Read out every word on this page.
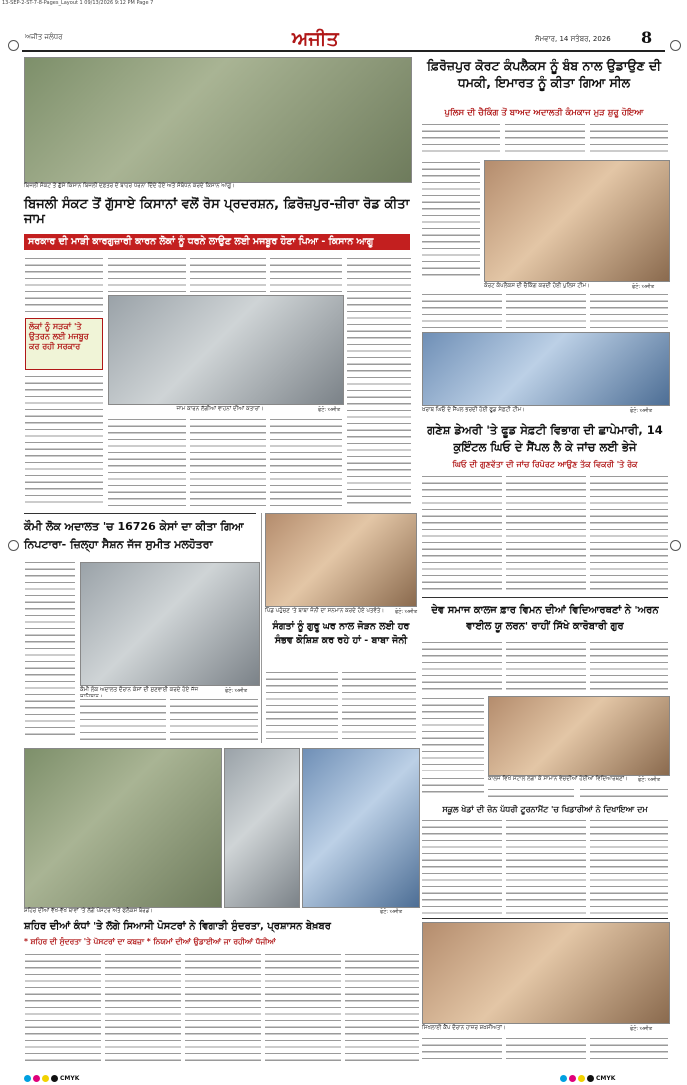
13-SEP-2-ST-7-8-Pages_Layout 1 09/13/2026 9:12 PM Page 7
ਅਜੀਤ ਜਲੰਧਰ	ਅਜੀਤ	ਸੋਮਵਾਰ, 14 ਸਤੰਬਰ, 2026 8
ਬਿਜਲੀ ਸੰਕਟ ਤੋਂ ਗੁੱਸੇ ਕਿਸਾਨ ਬਿਜਲੀ ਦਫ਼ਤਰ ਦੇ ਬਾਹਰ ਧਰਨਾ ਦਿੰਦੇ ਹੋਏ ਅਤੇ ਸੰਬੋਧਨ ਕਰਦੇ ਕਿਸਾਨ ਆਗੂ।
ਬਿਜਲੀ ਸੰਕਟ ਤੋਂ ਗੁੱਸਾਏ ਕਿਸਾਨਾਂ ਵਲੋਂ ਰੋਸ ਪ੍ਰਦਰਸ਼ਨ, ਫ਼ਿਰੋਜ਼ਪੁਰ-ਜ਼ੀਰਾ ਰੋਡ ਕੀਤਾ ਜਾਮ
ਸਰਕਾਰ ਦੀ ਮਾੜੀ ਕਾਰਗੁਜ਼ਾਰੀ ਕਾਰਨ ਲੋਕਾਂ ਨੂੰ ਧਰਨੇ ਲਾਉਣ ਲਈ ਮਜਬੂਰ ਹੋਣਾ ਪਿਆ - ਕਿਸਾਨ ਆਗੂ
ਲੋਕਾਂ ਨੂੰ ਸੜਕਾਂ 'ਤੇ ਉਤਰਨ ਲਈ ਮਜਬੂਰ ਕਰ ਰਹੀ ਸਰਕਾਰ
ਜਾਮ ਕਾਰਨ ਲੱਗੀਆਂ ਵਾਹਨਾਂ ਦੀਆਂ ਕਤਾਰਾਂ।	ਫੋਟੋ: ਅਜੀਤ
ਫ਼ਿਰੋਜ਼ਪੁਰ ਕੋਰਟ ਕੰਪਲੈਕਸ ਨੂੰ ਬੰਬ ਨਾਲ ਉਡਾਉਣ ਦੀ ਧਮਕੀ, ਇਮਾਰਤ ਨੂੰ ਕੀਤਾ ਗਿਆ ਸੀਲ
ਪੁਲਿਸ ਦੀ ਚੈਕਿੰਗ ਤੋਂ ਬਾਅਦ ਅਦਾਲਤੀ ਕੰਮਕਾਜ ਮੁੜ ਸ਼ੁਰੂ ਹੋਇਆ
ਕੋਰਟ ਕੰਪਲੈਕਸ ਦੀ ਚੈਕਿੰਗ ਕਰਦੀ ਹੋਈ ਪੁਲਿਸ ਟੀਮ।	ਫੋਟੋ: ਅਜੀਤ
ਖ਼ਰਾਬ ਘਿਓ ਦੇ ਸੈਂਪਲ ਭਰਦੀ ਹੋਈ ਫੂਡ ਸੇਫ਼ਟੀ ਟੀਮ।	ਫੋਟੋ: ਅਜੀਤ
ਗਣੇਸ਼ ਡੇਅਰੀ 'ਤੇ ਫੂਡ ਸੇਫ਼ਟੀ ਵਿਭਾਗ ਦੀ ਛਾਪੇਮਾਰੀ, 14 ਕੁਇੰਟਲ ਘਿਓ ਦੇ ਸੈਂਪਲ ਲੈ ਕੇ ਜਾਂਚ ਲਈ ਭੇਜੇ
ਘਿਓ ਦੀ ਗੁਣਵੱਤਾ ਦੀ ਜਾਂਚ ਰਿਪੋਰਟ ਆਉਣ ਤੱਕ ਵਿਕਰੀ 'ਤੇ ਰੋਕ
ਕੌਮੀ ਲੋਕ ਅਦਾਲਤ 'ਚ 16726 ਕੇਸਾਂ ਦਾ ਕੀਤਾ ਗਿਆ ਨਿਪਟਾਰਾ- ਜ਼ਿਲ੍ਹਾ ਸੈਸ਼ਨ ਜੱਜ ਸੁਮੀਤ ਮਲਹੋਤਰਾ
ਕੌਮੀ ਲੋਕ ਅਦਾਲਤ ਦੌਰਾਨ ਕੇਸਾਂ ਦੀ ਸੁਣਵਾਈ ਕਰਦੇ ਹੋਏ ਜੱਜ ਸਾਹਿਬਾਨ।
ਫੋਟੋ: ਅਜੀਤ
ਪਿੰਡ ਪਹੁੰਚਣ 'ਤੇ ਬਾਬਾ ਜੋਨੀ ਦਾ ਸਨਮਾਨ ਕਰਦੇ ਹੋਏ ਪਤਵੰਤੇ।	ਫੋਟੋ: ਅਜੀਤ
ਸੰਗਤਾਂ ਨੂੰ ਗੁਰੂ ਘਰ ਨਾਲ ਜੋੜਨ ਲਈ ਹਰ ਸੰਭਵ ਕੋਸ਼ਿਸ਼ ਕਰ ਰਹੇ ਹਾਂ - ਬਾਬਾ ਜੋਨੀ
ਦੇਵ ਸਮਾਜ ਕਾਲਜ ਫ਼ਾਰ ਵਿਮਨ ਦੀਆਂ ਵਿਦਿਆਰਥਣਾਂ ਨੇ 'ਅਰਨ ਵਾਈਲ ਯੂ ਲਰਨ' ਰਾਹੀਂ ਸਿੱਖੇ ਕਾਰੋਬਾਰੀ ਗੁਰ
ਕਾਲਜ ਵਿਖੇ ਸਟਾਲ ਲਗਾ ਕੇ ਸਾਮਾਨ ਵੇਚਦੀਆਂ ਹੋਈਆਂ ਵਿਦਿਆਰਥਣਾਂ।	ਫੋਟੋ: ਅਜੀਤ
ਸਕੂਲ ਖੇਡਾਂ ਦੀ ਜ਼ੋਨ ਪੱਧਰੀ ਟੂਰਨਾਮੈਂਟ 'ਚ ਖਿਡਾਰੀਆਂ ਨੇ ਦਿਖਾਇਆ ਦਮ
ਸ਼ਹਿਰ ਦੀਆਂ ਵੱਖ-ਵੱਖ ਥਾਵਾਂ 'ਤੇ ਲੱਗੇ ਪੋਸਟਰ ਅਤੇ ਫਲੈਕਸ ਬੋਰਡ।	ਫੋਟੋ: ਅਜੀਤ
ਸ਼ਹਿਰ ਦੀਆਂ ਕੰਧਾਂ 'ਤੇ ਲੱਗੇ ਸਿਆਸੀ ਪੋਸਟਰਾਂ ਨੇ ਵਿਗਾੜੀ ਸੁੰਦਰਤਾ, ਪ੍ਰਸ਼ਾਸਨ ਬੇਖ਼ਬਰ
* ਸ਼ਹਿਰ ਦੀ ਸੁੰਦਰਤਾ 'ਤੇ ਪੋਸਟਰਾਂ ਦਾ ਕਬਜ਼ਾ * ਨਿਯਮਾਂ ਦੀਆਂ ਉਡਾਈਆਂ ਜਾ ਰਹੀਆਂ ਧੱਜੀਆਂ
ਸਿਖਲਾਈ ਕੈਂਪ ਦੌਰਾਨ ਹਾਜ਼ਰ ਸ਼ਖ਼ਸੀਅਤਾਂ।	ਫੋਟੋ: ਅਜੀਤ
CMYK	CMYK
